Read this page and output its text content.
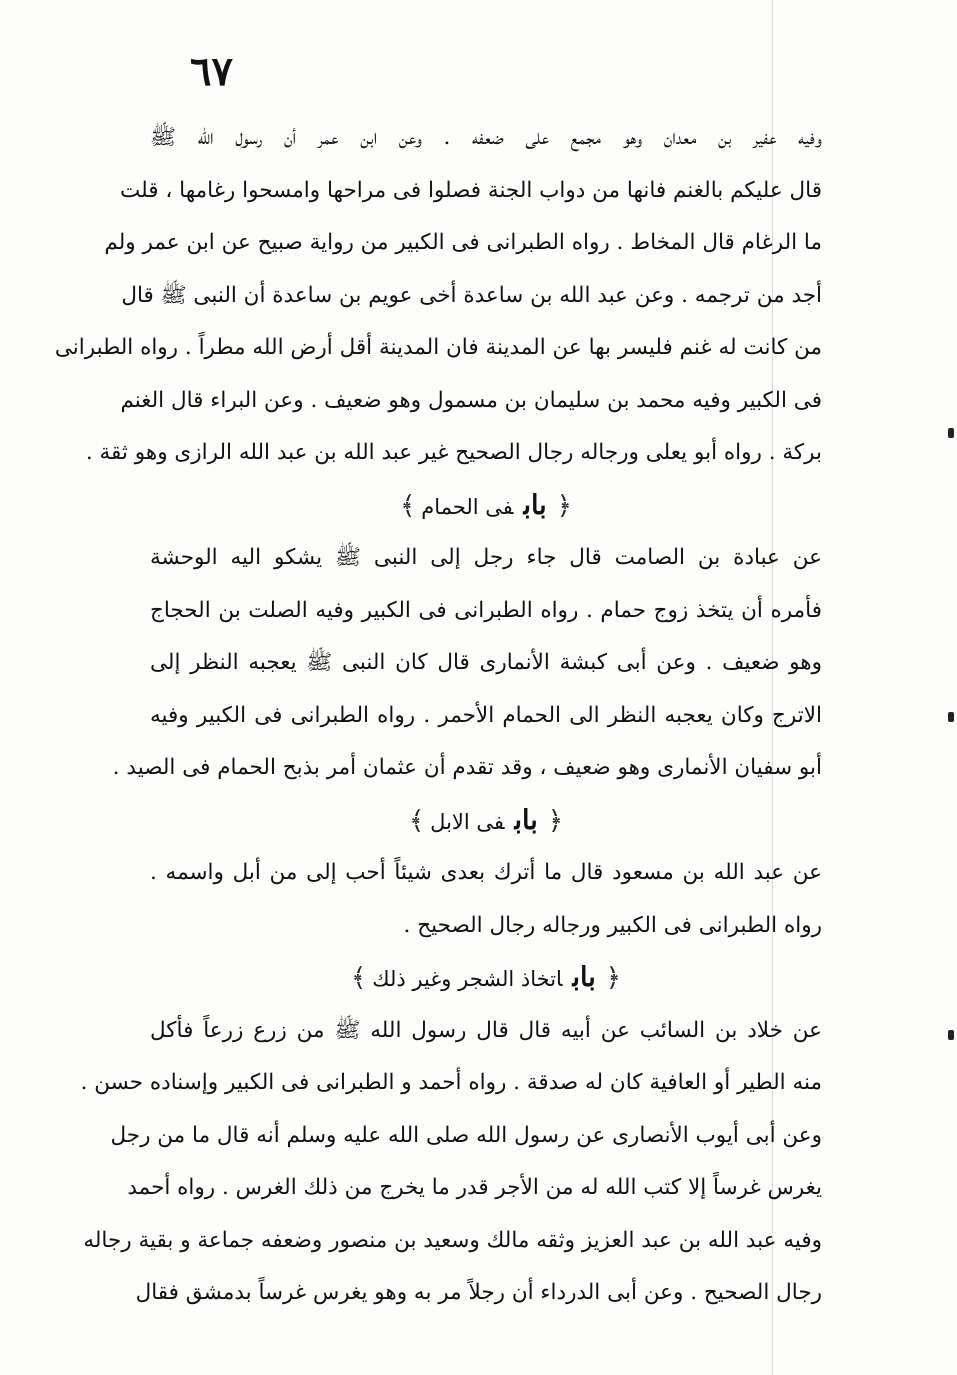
٦٧
وفيه عفير بن معدان وهو مجمع على ضعفه . وعن ابن عمر أن رسول الله ﷺ
قال عليكم بالغنم فانها من دواب الجنة فصلوا فى مراحها وامسحوا رغامها ، قلت
ما الرغام قال المخاط . رواه الطبرانى فى الكبير من رواية صبيح عن ابن عمر ولم
أجد من ترجمه . وعن عبد الله بن ساعدة أخى عويم بن ساعدة أن النبى ﷺ قال
من كانت له غنم فليسر بها عن المدينة فان المدينة أقل أرض الله مطراً . رواه الطبرانى
فى الكبير وفيه محمد بن سليمان بن مسمول وهو ضعيف . وعن البراء قال الغنم
بركة . رواه أبو يعلى ورجاله رجال الصحيح غير عبد الله بن عبد الله الرازى وهو ثقة .
﴿بابفى الحمام﴾
عن عبادة بن الصامت قال جاء رجل إلى النبى ﷺ يشكو اليه الوحشة
فأمره أن يتخذ زوج حمام . رواه الطبرانى فى الكبير وفيه الصلت بن الحجاج
وهو ضعيف . وعن أبى كبشة الأنمارى قال كان النبى ﷺ يعجبه النظر إلى
الاترج وكان يعجبه النظر الى الحمام الأحمر . رواه الطبرانى فى الكبير وفيه
أبو سفيان الأنمارى وهو ضعيف ، وقد تقدم أن عثمان أمر بذبح الحمام فى الصيد .
﴿بابفى الابل﴾
عن عبد الله بن مسعود قال ما أترك بعدى شيئاً أحب إلى من أبل واسمه .
رواه الطبرانى فى الكبير ورجاله رجال الصحيح .
﴿باباتخاذ الشجر وغير ذلك﴾
عن خلاد بن السائب عن أبيه قال قال رسول الله ﷺ من زرع زرعاً فأكل
منه الطير أو العافية كان له صدقة . رواه أحمد و الطبرانى فى الكبير وإسناده حسن .
وعن أبى أيوب الأنصارى عن رسول الله صلى الله عليه وسلم أنه قال ما من رجل
يغرس غرساً إلا كتب الله له من الأجر قدر ما يخرج من ذلك الغرس . رواه أحمد
وفيه عبد الله بن عبد العزيز وثقه مالك وسعيد بن منصور وضعفه جماعة و بقية رجاله
رجال الصحيح . وعن أبى الدرداء أن رجلاً مر به وهو يغرس غرساً بدمشق فقال
